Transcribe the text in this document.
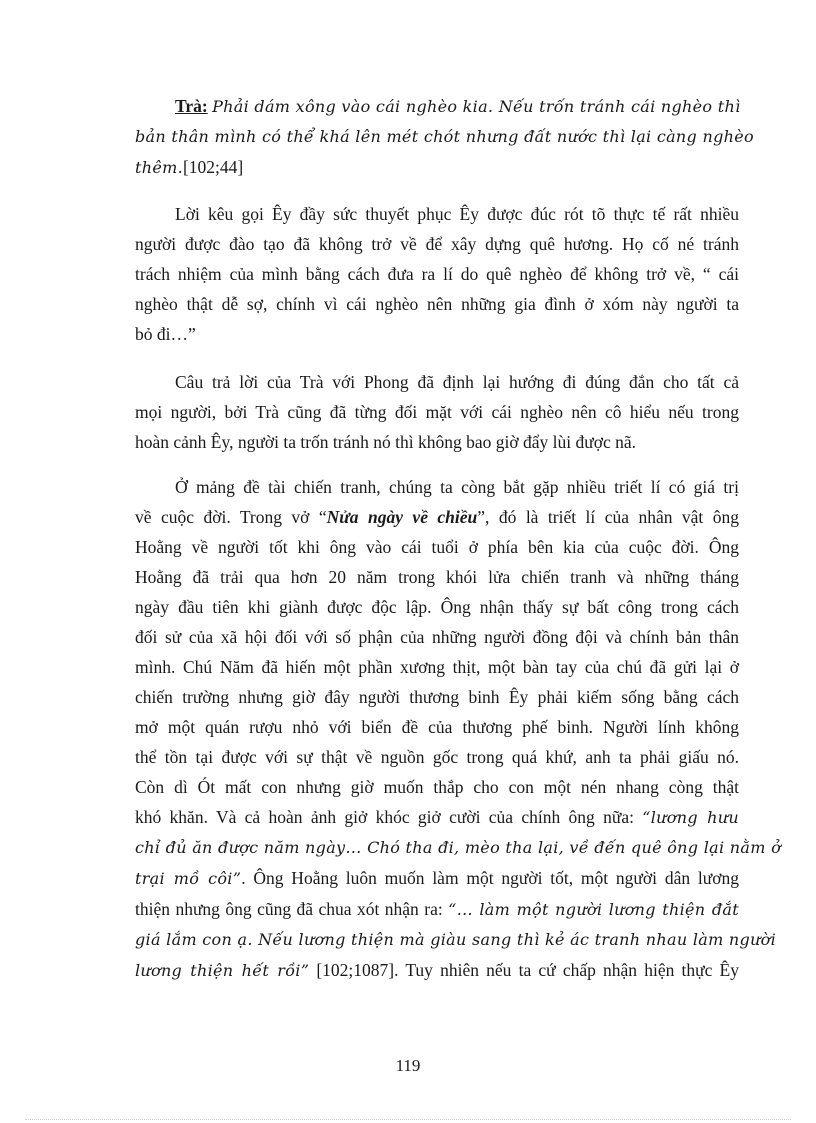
Trà: Phải dám xông vào cái nghèo kia. Nếu trốn tránh cái nghèo thì
bản thân mình có thể khá lên mét chót nhưng đất nước thì lại càng nghèo
thêm.[102;44]

Lời kêu gọi Êy đầy sức thuyết phục Êy được đúc rót tõ thực tế rất nhiều
người được đào tạo đã không trở về để xây dựng quê hương. Họ cố né tránh
trách nhiệm của mình bằng cách đưa ra lí do quê nghèo để không trở về, “ cái
nghèo thật dễ sợ, chính vì cái nghèo nên những gia đình ở xóm này người ta
bỏ đi…”

Câu trả lời của Trà với Phong đã định lại hướng đi đúng đắn cho tất cả
mọi người, bởi Trà cũng đã từng đối mặt với cái nghèo nên cô hiểu nếu trong
hoàn cảnh Êy, người ta trốn tránh nó thì không bao giờ đẩy lùi được nã.

Ở mảng đề tài chiến tranh, chúng ta còng bắt gặp nhiều triết lí có giá trị
về cuộc đời. Trong vở “Nửa ngày về chiều”, đó là triết lí của nhân vật ông
Hoằng về người tốt khi ông vào cái tuổi ở phía bên kia của cuộc đời. Ông
Hoằng đã trải qua hơn 20 năm trong khói lửa chiến tranh và những tháng
ngày đầu tiên khi giành được độc lập. Ông nhận thấy sự bất công trong cách
đối sử của xã hội đối với số phận của những người đồng đội và chính bản thân
mình. Chú Năm đã hiến một phần xương thịt, một bàn tay của chú đã gửi lại ở
chiến trường nhưng giờ đây người thương binh Êy phải kiếm sống bằng cách
mở một quán rượu nhỏ với biển đề của thương phế binh. Người lính không
thể tồn tại được với sự thật về nguồn gốc trong quá khứ, anh ta phải giấu nó.
Còn dì Ót mất con nhưng giờ muốn thắp cho con một nén nhang còng thật
khó khăn. Và cả hoàn ảnh giở khóc giở cười của chính ông nữa: “lương hưu
chỉ đủ ăn được năm ngày… Chó tha đi, mèo tha lại, về đến quê ông lại nằm ở
trại mồ côi”. Ông Hoằng luôn muốn làm một người tốt, một người dân lương
thiện nhưng ông cũng đã chua xót nhận ra: “… làm một người lương thiện đắt
giá lắm con ạ. Nếu lương thiện mà giàu sang thì kẻ ác tranh nhau làm người
lương thiện hết rồi” [102;1087]. Tuy nhiên nếu ta cứ chấp nhận hiện thực Êy

119
